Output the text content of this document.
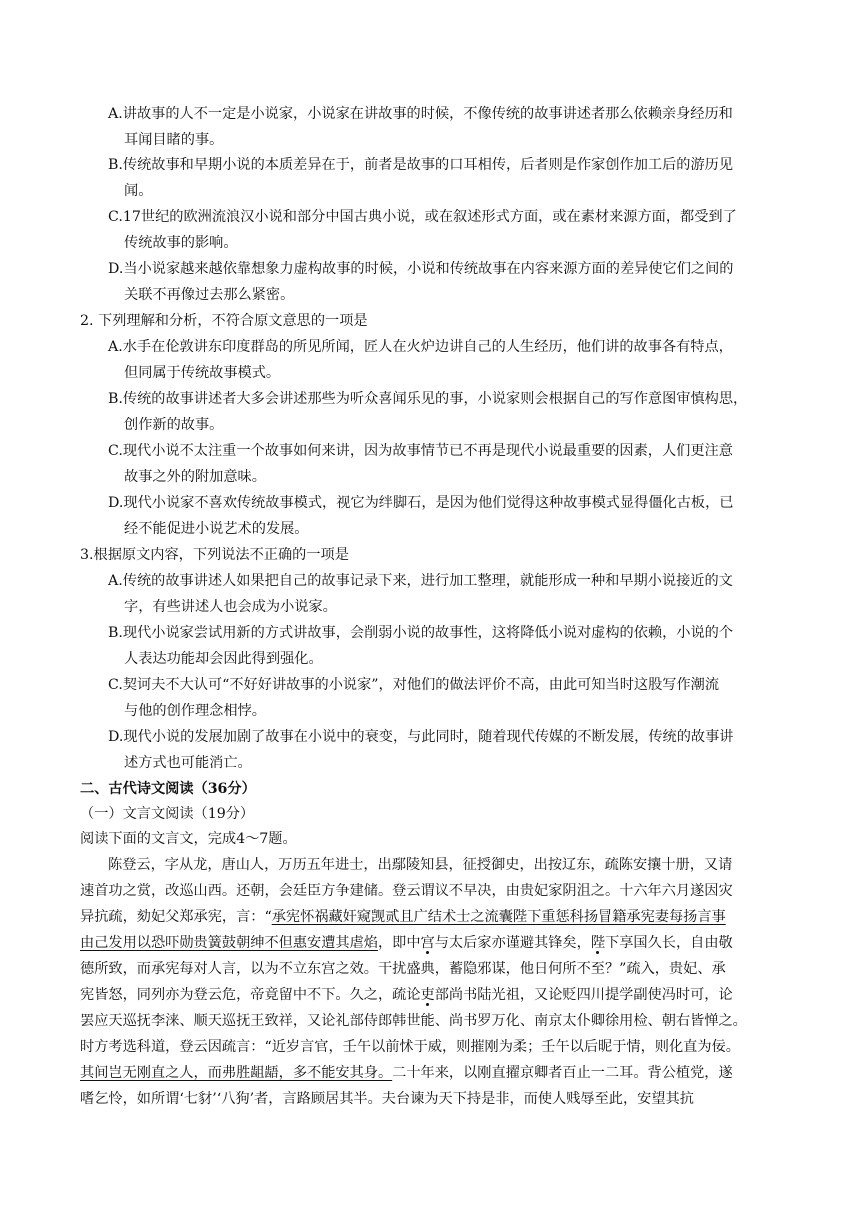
A.讲故事的人不一定是小说家，小说家在讲故事的时候，不像传统的故事讲述者那么依赖亲身经历和
耳闻目睹的事。
B.传统故事和早期小说的本质差异在于，前者是故事的口耳相传，后者则是作家创作加工后的游历见
闻。
C.17世纪的欧洲流浪汉小说和部分中国古典小说，或在叙述形式方面，或在素材来源方面，都受到了
传统故事的影响。
D.当小说家越来越依靠想象力虚构故事的时候，小说和传统故事在内容来源方面的差异使它们之间的
关联不再像过去那么紧密。
2. 下列理解和分析，不符合原文意思的一项是
A.水手在伦敦讲东印度群岛的所见所闻，匠人在火炉边讲自己的人生经历，他们讲的故事各有特点，
但同属于传统故事模式。
B.传统的故事讲述者大多会讲述那些为听众喜闻乐见的事，小说家则会根据自己的写作意图审慎构思，
创作新的故事。
C.现代小说不太注重一个故事如何来讲，因为故事情节已不再是现代小说最重要的因素，人们更注意
故事之外的附加意味。
D.现代小说家不喜欢传统故事模式，视它为绊脚石，是因为他们觉得这种故事模式显得僵化古板，已
经不能促进小说艺术的发展。
3.根据原文内容，下列说法不正确的一项是
A.传统的故事讲述人如果把自己的故事记录下来，进行加工整理，就能形成一种和早期小说接近的文
字，有些讲述人也会成为小说家。
B.现代小说家尝试用新的方式讲故事，会削弱小说的故事性，这将降低小说对虚构的依赖，小说的个
人表达功能却会因此得到强化。
C.契诃夫不大认可“不好好讲故事的小说家”，对他们的做法评价不高，由此可知当时这股写作潮流
与他的创作理念相悖。
D.现代小说的发展加剧了故事在小说中的衰变，与此同时，随着现代传媒的不断发展，传统的故事讲
述方式也可能消亡。
二、古代诗文阅读（36分）
（一）文言文阅读（19分）
阅读下面的文言文，完成4～7题。
陈登云，字从龙，唐山人，万历五年进士，出鄢陵知县，征授御史，出按辽东，疏陈安攘十册，又请
速首功之赏，改巡山西。还朝，会廷臣方争建储。登云谓议不早决，由贵妃家阴沮之。十六年六月遂因灾
异抗疏，劾妃父郑承宪，言：“承宪怀祸藏奸窥觊贰且广结术士之流囊陛下重惩科扬冒籍承宪妻每扬言事
由己发用以恐吓勋贵簧鼓朝绅不但惠安遭其虐焰，即中宫与太后家亦谨避其锋矣，陛下享国久长，自由敬
德所致，而承宪每对人言，以为不立东宫之效。干扰盛典，蓄隐邪谋，他日何所不至？”疏入，贵妃、承
宪皆怒，同列亦为登云危，帝竟留中不下。久之，疏论吏部尚书陆光祖，又论贬四川提学副使冯时可，论
罢应天巡抚李涞、顺天巡抚王致祥，又论礼部侍郎韩世能、尚书罗万化、南京太仆卿徐用检、朝右皆惮之。
时方考选科道，登云因疏言：“近岁言官，壬午以前怵于威，则摧刚为柔；壬午以后昵于情，则化直为佞。
其间岂无刚直之人，而弗胜龃龉，多不能安其身。二十年来，以刚直擢京卿者百止一二耳。背公植党，遂
嗜乞怜，如所谓‘七豺’‘八狗’者，言路顾居其半。夫台谏为天下持是非，而使人贱辱至此，安望其抗
